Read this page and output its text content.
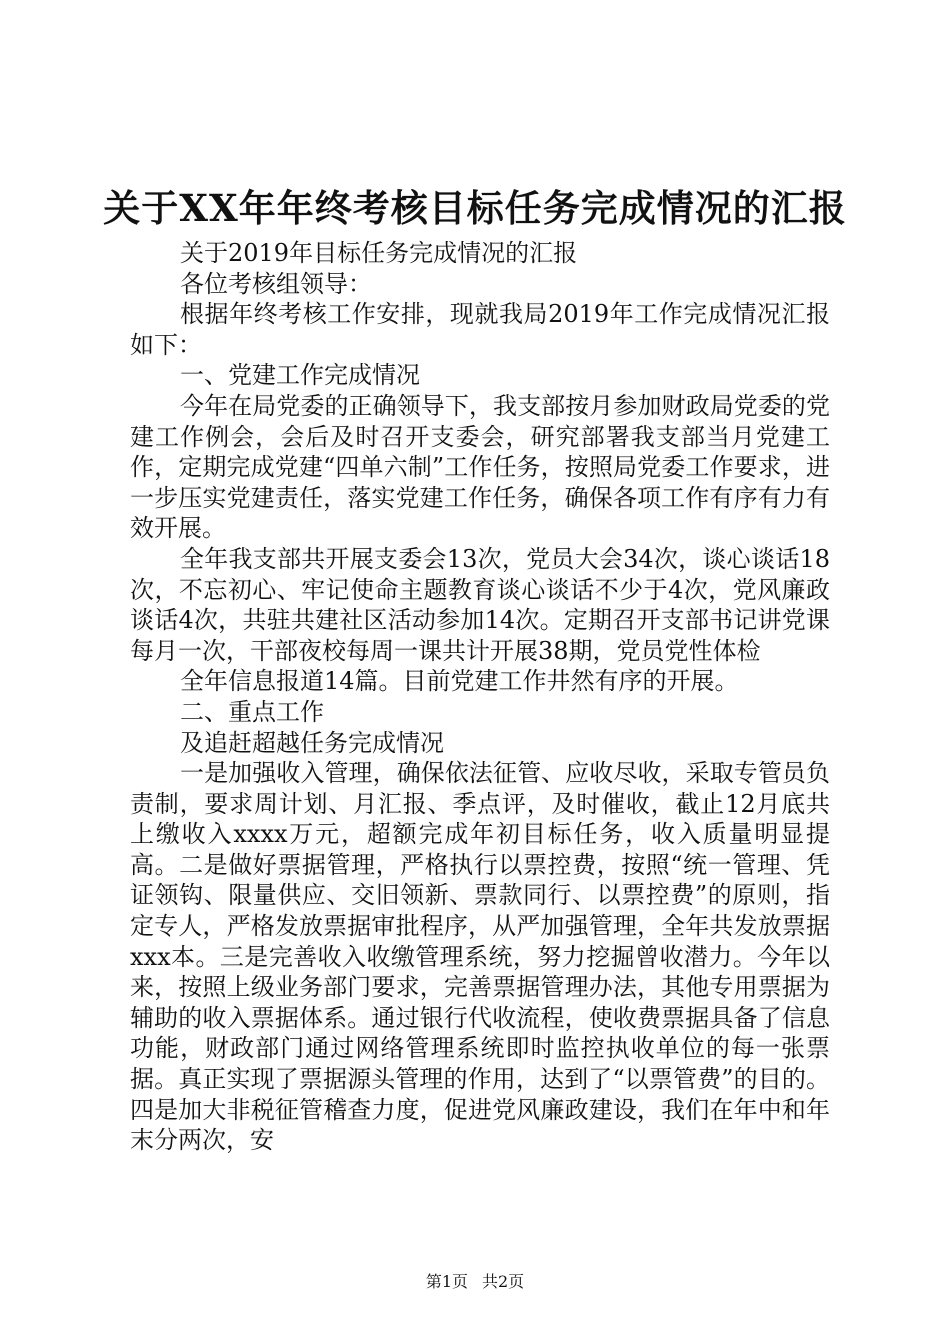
关于XX年年终考核目标任务完成情况的汇报

关于2019年目标任务完成情况的汇报

各位考核组领导：

根据年终考核工作安排，现就我局2019年工作完成情况汇报如下：

一、党建工作完成情况

今年在局党委的正确领导下，我支部按月参加财政局党委的党建工作例会，会后及时召开支委会，研究部署我支部当月党建工作，定期完成党建“四单六制”工作任务，按照局党委工作要求，进一步压实党建责任，落实党建工作任务，确保各项工作有序有力有效开展。

全年我支部共开展支委会13次，党员大会34次，谈心谈话18次，不忘初心、牢记使命主题教育谈心谈话不少于4次，党风廉政谈话4次，共驻共建社区活动参加14次。定期召开支部书记讲党课每月一次，干部夜校每周一课共计开展38期，党员党性体检

全年信息报道14篇。目前党建工作井然有序的开展。

二、重点工作

及追赶超越任务完成情况

一是加强收入管理，确保依法征管、应收尽收，采取专管员负责制，要求周计划、月汇报、季点评，及时催收，截止12月底共上缴收入xxxx万元，超额完成年初目标任务，收入质量明显提高。二是做好票据管理，严格执行以票控费，按照“统一管理、凭证领钩、限量供应、交旧领新、票款同行、以票控费”的原则，指定专人，严格发放票据审批程序，从严加强管理，全年共发放票据xxx本。三是完善收入收缴管理系统，努力挖掘曾收潜力。今年以来，按照上级业务部门要求，完善票据管理办法，其他专用票据为辅助的收入票据体系。通过银行代收流程，使收费票据具备了信息功能，财政部门通过网络管理系统即时监控执收单位的每一张票据。真正实现了票据源头管理的作用，达到了“以票管费”的目的。四是加大非税征管稽查力度，促进党风廉政建设，我们在年中和年末分两次，安

第1页 共2页
